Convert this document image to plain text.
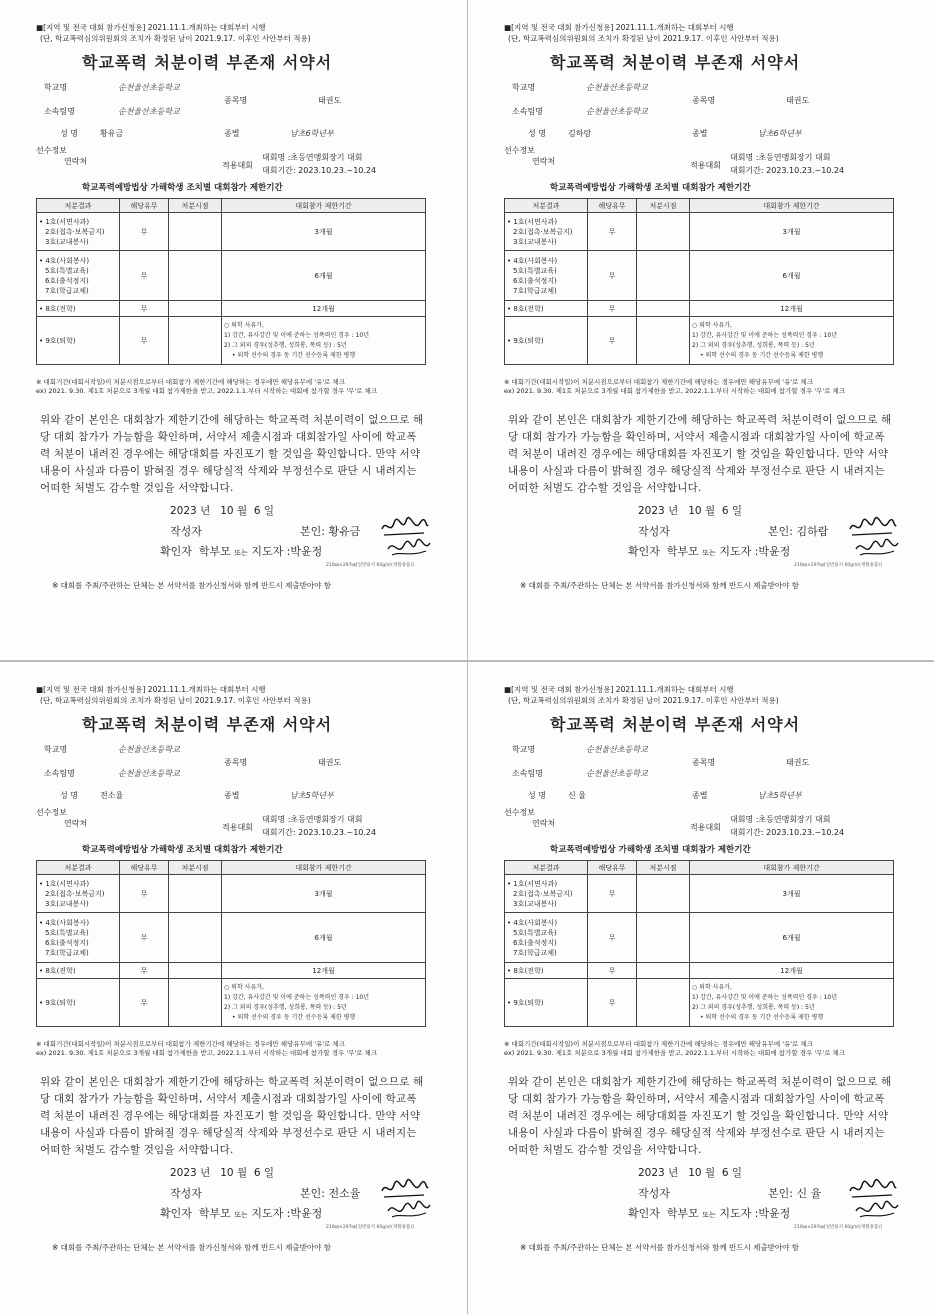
■[지역 및 전국 대회 참가신청용] 2021.11.1.개최하는 대회부터 시행
(단, 학교폭력심의위원회의 조치가 확정된 날이 2021.9.17. 이후인 사안부터 적용)
학교폭력 처분이력 부존재 서약서
학교명	순천율산초등학교
소속팀명	순천율산초등학교
종목명	태권도
선수정보
성 명	황유금
연락처
종별	남초6학년부
적용대회
대회명 :초등연맹회장기 대회
대회기간: 2023.10.23.~10.24
학교폭력예방법상 가해학생 조치별 대회참가 제한기간
처분결과	해당유무	처분시점	대회참가 제한기간

• 1호(서면사과)
2호(접촉·보복금지)
3호(교내봉사)	무		3개월

• 4호(사회봉사)
5호(특별교육)
6호(출석정지)
7호(학급교체)	무		6개월
• 8호(전학)	무		12개월
• 9호(퇴학)	무		○ 퇴학 사유가,
1) 강간, 유사강간 및 이에 준하는 성폭력인 경우 : 10년
2) 그 외의 경우(성추행, 성희롱, 폭력 등) : 5년
• 퇴학 선수의 경우 동 기간 선수등록 제한 병행
※ 대회기간(대회시작일)이 처분시점으로부터 대회참가 제한기간에 해당하는 경우에만 해당유무에 '유'로 체크
ex) 2021. 9.30. 제1호 처분으로 3개월 대회 참가제한을 받고, 2022.1.1.부터 시작하는 대회에 참가할 경우 '무'로 체크
위와 같이 본인은 대회참가 제한기간에 해당하는 학교폭력 처분이력이 없으므로 해당 대회 참가가 가능함을 확인하며, 서약서 제출시점과 대회참가일 사이에 학교폭력 처분이 내려진 경우에는 해당대회를 자진포기 할 것임을 확인합니다. 만약 서약내용이 사실과 다름이 밝혀질 경우 해당실적 삭제와 부정선수로 판단 시 내려지는 어떠한 처벌도 감수할 것임을 서약합니다.
2023 년 10 월 6 일
작성자	본인: 황유금
확인자 학부모 또는 지도자 :박윤정
210㎜×297㎜[일반용지 60g/㎡(재활용품)]
※ 대회를 주최/주관하는 단체는 본 서약서를 참가신청서와 함께 반드시 제출받아야 함
■[지역 및 전국 대회 참가신청용] 2021.11.1.개최하는 대회부터 시행
(단, 학교폭력심의위원회의 조치가 확정된 날이 2021.9.17. 이후인 사안부터 적용)
학교폭력 처분이력 부존재 서약서
학교명	순천율산초등학교
소속팀명	순천율산초등학교
종목명	태권도
선수정보
성 명	김하람
연락처
종별	남초6학년부
적용대회
대회명 :초등연맹회장기 대회
대회기간: 2023.10.23.~10.24
학교폭력예방법상 가해학생 조치별 대회참가 제한기간
처분결과	해당유무	처분시점	대회참가 제한기간

• 1호(서면사과)
2호(접촉·보복금지)
3호(교내봉사)	무		3개월

• 4호(사회봉사)
5호(특별교육)
6호(출석정지)
7호(학급교체)	무		6개월
• 8호(전학)	무		12개월
• 9호(퇴학)	무		○ 퇴학 사유가,
1) 강간, 유사강간 및 이에 준하는 성폭력인 경우 : 10년
2) 그 외의 경우(성추행, 성희롱, 폭력 등) : 5년
• 퇴학 선수의 경우 동 기간 선수등록 제한 병행
※ 대회기간(대회시작일)이 처분시점으로부터 대회참가 제한기간에 해당하는 경우에만 해당유무에 '유'로 체크
ex) 2021. 9.30. 제1호 처분으로 3개월 대회 참가제한을 받고, 2022.1.1.부터 시작하는 대회에 참가할 경우 '무'로 체크
위와 같이 본인은 대회참가 제한기간에 해당하는 학교폭력 처분이력이 없으므로 해당 대회 참가가 가능함을 확인하며, 서약서 제출시점과 대회참가일 사이에 학교폭력 처분이 내려진 경우에는 해당대회를 자진포기 할 것임을 확인합니다. 만약 서약내용이 사실과 다름이 밝혀질 경우 해당실적 삭제와 부정선수로 판단 시 내려지는 어떠한 처벌도 감수할 것임을 서약합니다.
2023 년 10 월 6 일
작성자	본인: 김하람
확인자 학부모 또는 지도자 :박윤정
210㎜×297㎜[일반용지 60g/㎡(재활용품)]
※ 대회를 주최/주관하는 단체는 본 서약서를 참가신청서와 함께 반드시 제출받아야 함
■[지역 및 전국 대회 참가신청용] 2021.11.1.개최하는 대회부터 시행
(단, 학교폭력심의위원회의 조치가 확정된 날이 2021.9.17. 이후인 사안부터 적용)
학교폭력 처분이력 부존재 서약서
학교명	순천율산초등학교
소속팀명	순천율산초등학교
종목명	태권도
선수정보
성 명	전소율
연락처
종별	남초5학년부
적용대회
대회명 :초등연맹회장기 대회
대회기간: 2023.10.23.~10.24
학교폭력예방법상 가해학생 조치별 대회참가 제한기간
처분결과	해당유무	처분시점	대회참가 제한기간

• 1호(서면사과)
2호(접촉·보복금지)
3호(교내봉사)	무		3개월

• 4호(사회봉사)
5호(특별교육)
6호(출석정지)
7호(학급교체)	무		6개월
• 8호(전학)	무		12개월
• 9호(퇴학)	무		○ 퇴학 사유가,
1) 강간, 유사강간 및 이에 준하는 성폭력인 경우 : 10년
2) 그 외의 경우(성추행, 성희롱, 폭력 등) : 5년
• 퇴학 선수의 경우 동 기간 선수등록 제한 병행
※ 대회기간(대회시작일)이 처분시점으로부터 대회참가 제한기간에 해당하는 경우에만 해당유무에 '유'로 체크
ex) 2021. 9.30. 제1호 처분으로 3개월 대회 참가제한을 받고, 2022.1.1.부터 시작하는 대회에 참가할 경우 '무'로 체크
위와 같이 본인은 대회참가 제한기간에 해당하는 학교폭력 처분이력이 없으므로 해당 대회 참가가 가능함을 확인하며, 서약서 제출시점과 대회참가일 사이에 학교폭력 처분이 내려진 경우에는 해당대회를 자진포기 할 것임을 확인합니다. 만약 서약내용이 사실과 다름이 밝혀질 경우 해당실적 삭제와 부정선수로 판단 시 내려지는 어떠한 처벌도 감수할 것임을 서약합니다.
2023 년 10 월 6 일
작성자	본인: 전소율
확인자 학부모 또는 지도자 :박윤정
210㎜×297㎜[일반용지 60g/㎡(재활용품)]
※ 대회를 주최/주관하는 단체는 본 서약서를 참가신청서와 함께 반드시 제출받아야 함
■[지역 및 전국 대회 참가신청용] 2021.11.1.개최하는 대회부터 시행
(단, 학교폭력심의위원회의 조치가 확정된 날이 2021.9.17. 이후인 사안부터 적용)
학교폭력 처분이력 부존재 서약서
학교명	순천율산초등학교
소속팀명	순천율산초등학교
종목명	태권도
선수정보
성 명	신 율
연락처
종별	남초5학년부
적용대회
대회명 :초등연맹회장기 대회
대회기간: 2023.10.23.~10.24
학교폭력예방법상 가해학생 조치별 대회참가 제한기간
처분결과	해당유무	처분시점	대회참가 제한기간

• 1호(서면사과)
2호(접촉·보복금지)
3호(교내봉사)	무		3개월

• 4호(사회봉사)
5호(특별교육)
6호(출석정지)
7호(학급교체)	무		6개월
• 8호(전학)	무		12개월
• 9호(퇴학)	무		○ 퇴학 사유가,
1) 강간, 유사강간 및 이에 준하는 성폭력인 경우 : 10년
2) 그 외의 경우(성추행, 성희롱, 폭력 등) : 5년
• 퇴학 선수의 경우 동 기간 선수등록 제한 병행
※ 대회기간(대회시작일)이 처분시점으로부터 대회참가 제한기간에 해당하는 경우에만 해당유무에 '유'로 체크
ex) 2021. 9.30. 제1호 처분으로 3개월 대회 참가제한을 받고, 2022.1.1.부터 시작하는 대회에 참가할 경우 '무'로 체크
위와 같이 본인은 대회참가 제한기간에 해당하는 학교폭력 처분이력이 없으므로 해당 대회 참가가 가능함을 확인하며, 서약서 제출시점과 대회참가일 사이에 학교폭력 처분이 내려진 경우에는 해당대회를 자진포기 할 것임을 확인합니다. 만약 서약내용이 사실과 다름이 밝혀질 경우 해당실적 삭제와 부정선수로 판단 시 내려지는 어떠한 처벌도 감수할 것임을 서약합니다.
2023 년 10 월 6 일
작성자	본인: 신 율
확인자 학부모 또는 지도자 :박윤정
210㎜×297㎜[일반용지 60g/㎡(재활용품)]
※ 대회를 주최/주관하는 단체는 본 서약서를 참가신청서와 함께 반드시 제출받아야 함
